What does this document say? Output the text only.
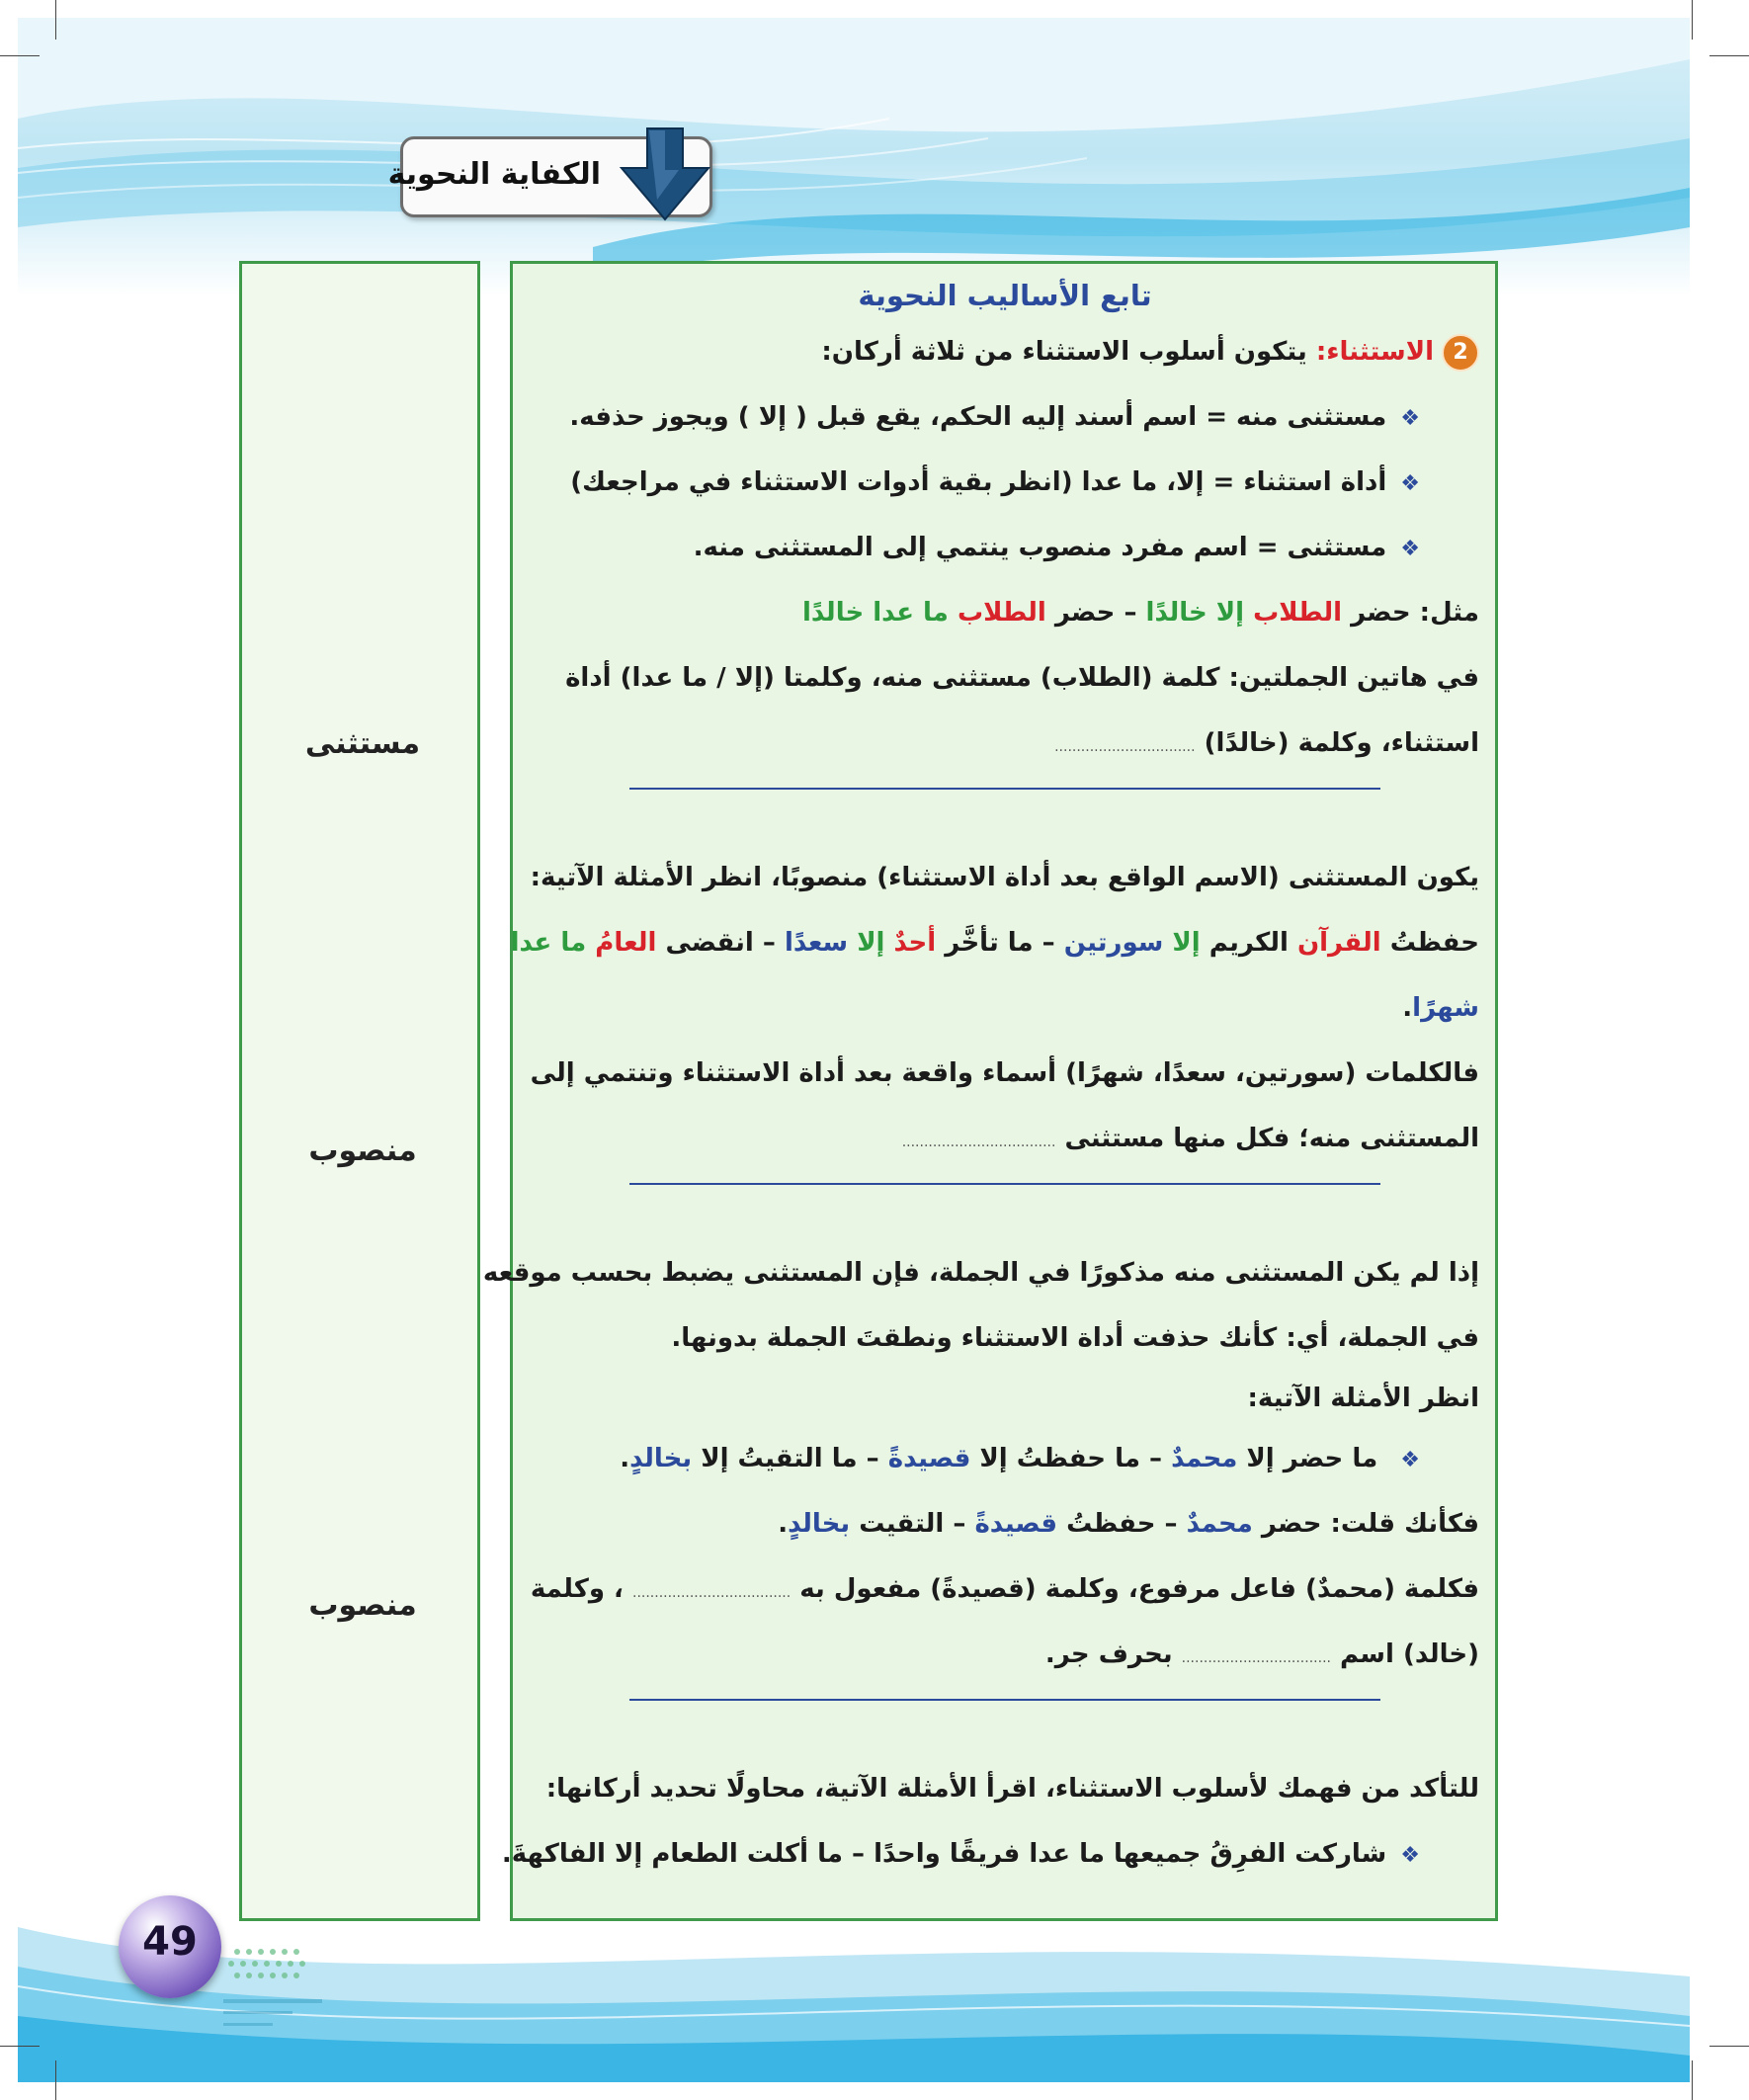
الكفاية النحوية
مستثنى
منصوب
منصوب
تابع الأساليب النحوية
2الاستثناء: يتكون أسلوب الاستثناء من ثلاثة أركان:
❖مستثنى منه = اسم أسند إليه الحكم، يقع قبل ( إلا ) ويجوز حذفه.
❖أداة استثناء = إلا، ما عدا (انظر بقية أدوات الاستثناء في مراجعك)
❖مستثنى = اسم مفرد منصوب ينتمي إلى المستثنى منه.
مثل: حضر الطلاب إلا خالدًا – حضر الطلاب ما عدا خالدًا
في هاتين الجملتين: كلمة (الطلاب) مستثنى منه، وكلمتا (إلا / ما عدا) أداة
استثناء، وكلمة (خالدًا) ................................
يكون المستثنى (الاسم الواقع بعد أداة الاستثناء) منصوبًا، انظر الأمثلة الآتية:
حفظتُ القرآن الكريم إلا سورتين – ما تأخَّر أحدٌ إلا سعدًا – انقضى العامُ ما عدا
شهرًا.
فالكلمات (سورتين، سعدًا، شهرًا) أسماء واقعة بعد أداة الاستثناء وتنتمي إلى
المستثنى منه؛ فكل منها مستثنى ...................................
إذا لم يكن المستثنى منه مذكورًا في الجملة، فإن المستثنى يضبط بحسب موقعه
في الجملة، أي: كأنك حذفت أداة الاستثناء ونطقتَ الجملة بدونها.
انظر الأمثلة الآتية:
❖ ما حضر إلا محمدٌ – ما حفظتُ إلا قصيدةً – ما التقيتُ إلا بخالدٍ.
فكأنك قلت: حضر محمدٌ – حفظتُ قصيدةً – التقيت بخالدٍ.
فكلمة (محمدٌ) فاعل مرفوع، وكلمة (قصيدةً) مفعول به .................................... ، وكلمة
(خالد) اسم .................................. بحرف جر.
للتأكد من فهمك لأسلوب الاستثناء، اقرأ الأمثلة الآتية، محاولًا تحديد أركانها:
❖شاركت الفرِقُ جميعها ما عدا فريقًا واحدًا – ما أكلت الطعام إلا الفاكهةَ.
49
